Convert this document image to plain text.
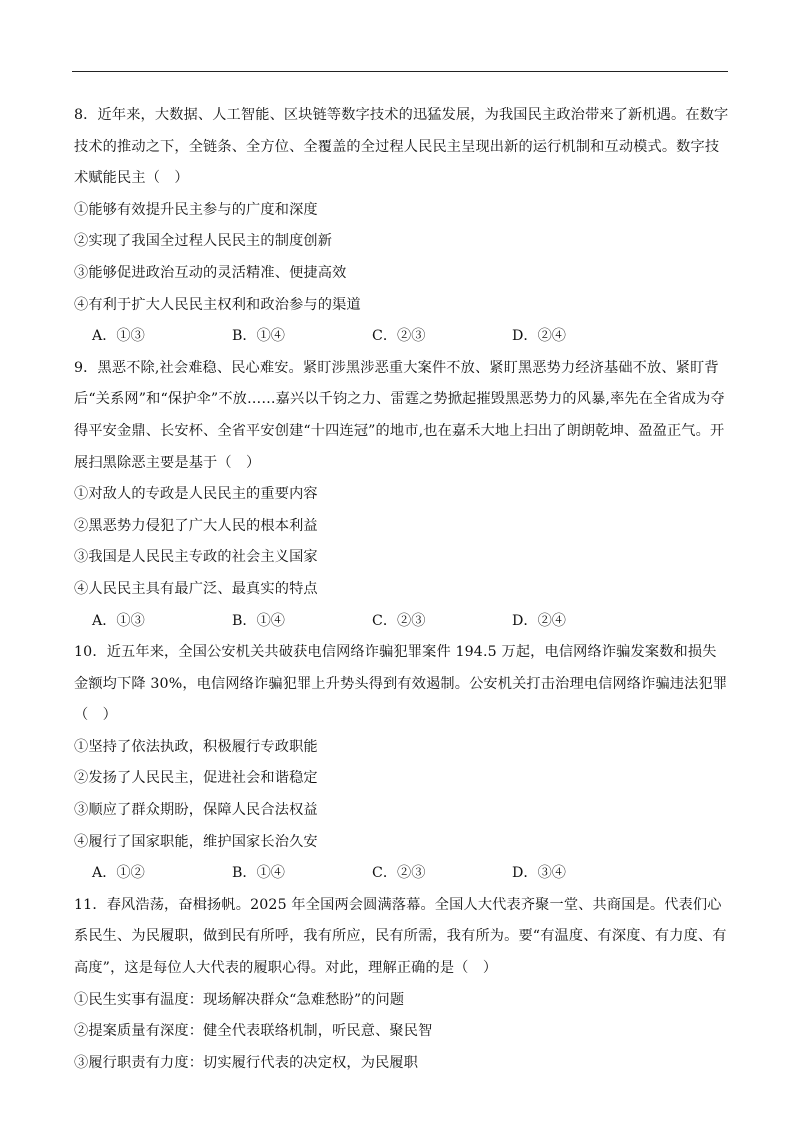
8．近年来，大数据、人工智能、区块链等数字技术的迅猛发展，为我国民主政治带来了新机遇。在数字技术的推动之下，全链条、全方位、全覆盖的全过程人民民主呈现出新的运行机制和互动模式。数字技术赋能民主（　）

①能够有效提升民主参与的广度和深度

②实现了我国全过程人民民主的制度创新

③能够促进政治互动的灵活精准、便捷高效

④有利于扩大人民民主权利和政治参与的渠道

A．①③	B．①④	C．②③	D．②④

9．黑恶不除,社会难稳、民心难安。紧盯涉黑涉恶重大案件不放、紧盯黑恶势力经济基础不放、紧盯背后“关系网”和“保护伞”不放……嘉兴以千钧之力、雷霆之势掀起摧毁黑恶势力的风暴,率先在全省成为夺得平安金鼎、长安杯、全省平安创建“十四连冠”的地市,也在嘉禾大地上扫出了朗朗乾坤、盈盈正气。开展扫黑除恶主要是基于（　）

①对敌人的专政是人民民主的重要内容

②黑恶势力侵犯了广大人民的根本利益

③我国是人民民主专政的社会主义国家

④人民民主具有最广泛、最真实的特点

A．①③	B．①④	C．②③	D．②④

10．近五年来，全国公安机关共破获电信网络诈骗犯罪案件 194.5 万起，电信网络诈骗发案数和损失金额均下降 30%，电信网络诈骗犯罪上升势头得到有效遏制。公安机关打击治理电信网络诈骗违法犯罪（　）

①坚持了依法执政，积极履行专政职能

②发扬了人民民主，促进社会和谐稳定

③顺应了群众期盼，保障人民合法权益

④履行了国家职能，维护国家长治久安

A．①②	B．①④	C．②③	D．③④

11．春风浩荡，奋楫扬帆。2025 年全国两会圆满落幕。全国人大代表齐聚一堂、共商国是。代表们心系民生、为民履职，做到民有所呼，我有所应，民有所需，我有所为。要“有温度、有深度、有力度、有高度”，这是每位人大代表的履职心得。对此，理解正确的是（　）

①民生实事有温度：现场解决群众“急难愁盼”的问题

②提案质量有深度：健全代表联络机制，听民意、聚民智

③履行职责有力度：切实履行代表的决定权，为民履职
